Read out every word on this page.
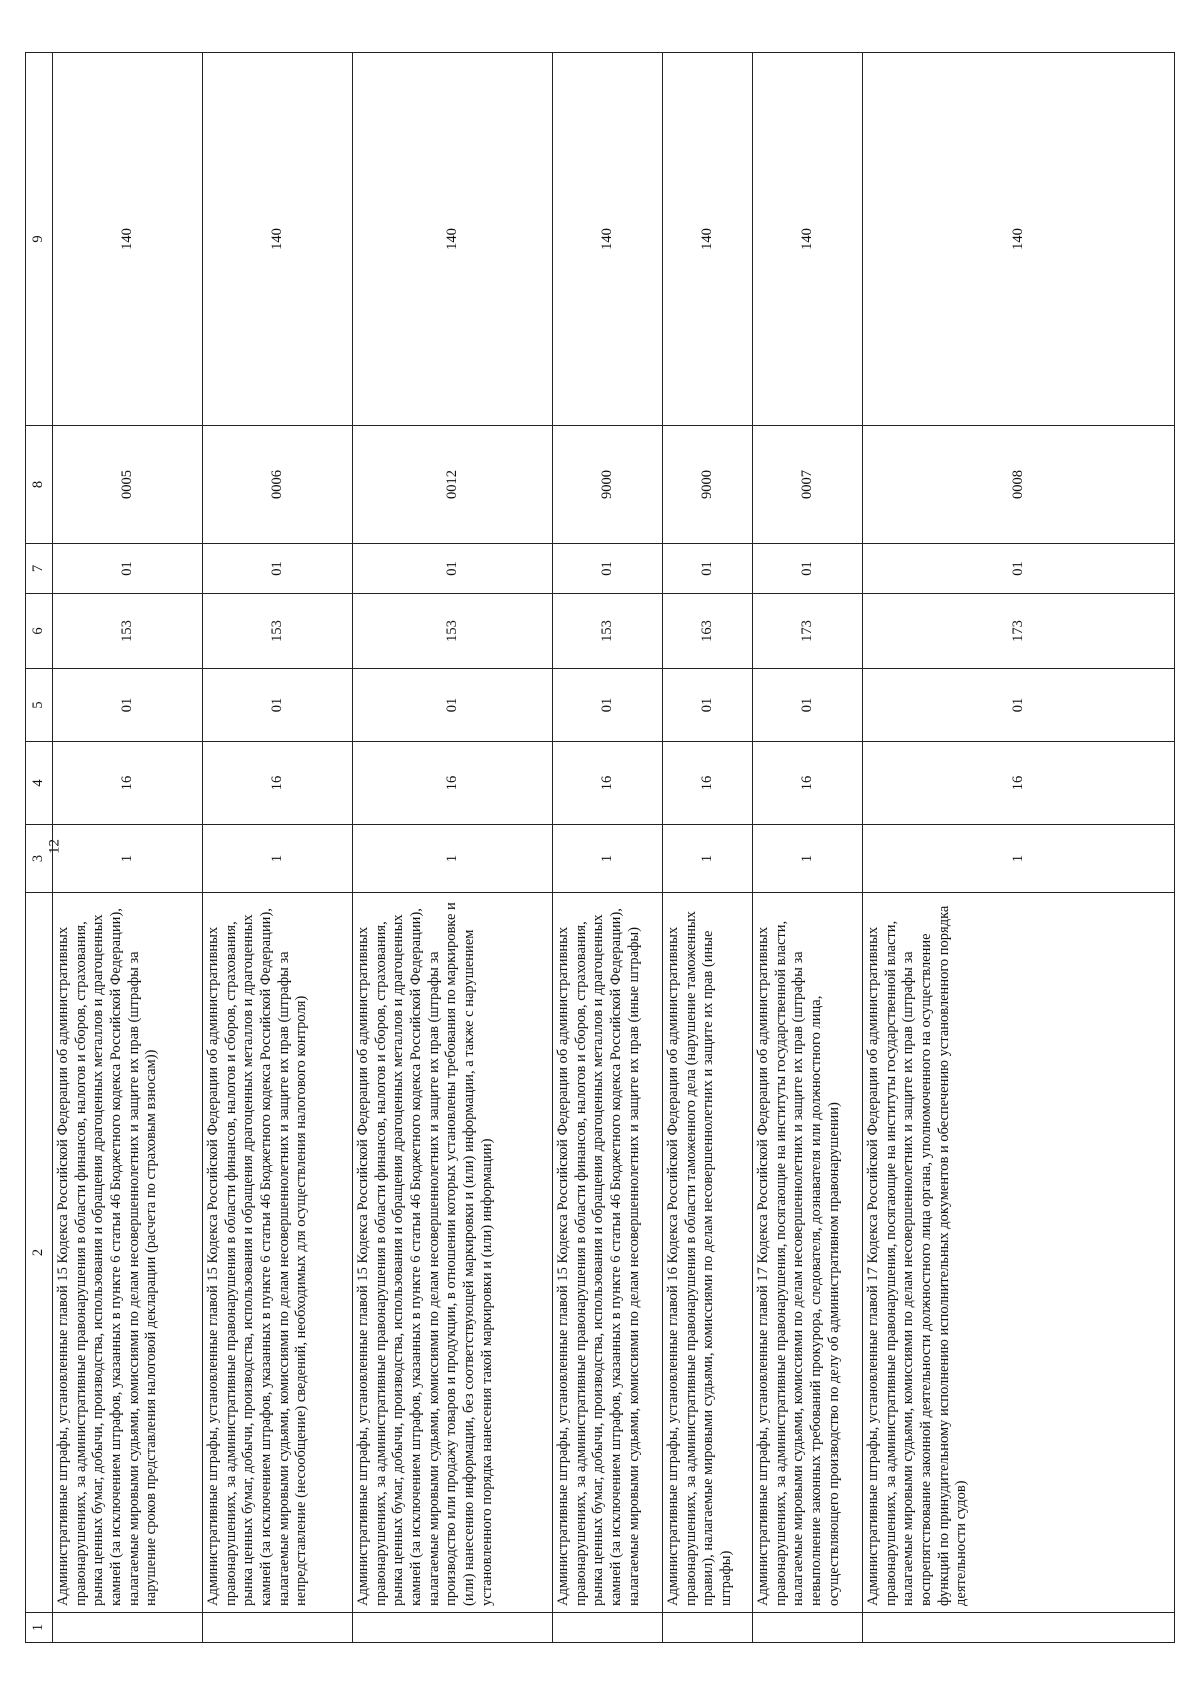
12
1	2	3	4	5	6	7	8	9
	Административные штрафы, установленные главой 15 Кодекса Российской Федерации об административных правонарушениях, за административные правонарушения в области финансов, налогов и сборов, страхования, рынка ценных бумаг, добычи, производства, использования и обращения драгоценных металлов и драгоценных камней (за исключением штрафов, указанных в пункте 6 статьи 46 Бюджетного кодекса Российской Федерации), налагаемые мировыми судьями, комиссиями по делам несовершеннолетних и защите их прав (штрафы за нарушение сроков представления налоговой декларации (расчета по страховым взносам))	1	16	01	153	01	0005	140
	Административные штрафы, установленные главой 15 Кодекса Российской Федерации об административных правонарушениях, за административные правонарушения в области финансов, налогов и сборов, страхования, рынка ценных бумаг, добычи, производства, использования и обращения драгоценных металлов и драгоценных камней (за исключением штрафов, указанных в пункте 6 статьи 46 Бюджетного кодекса Российской Федерации), налагаемые мировыми судьями, комиссиями по делам несовершеннолетних и защите их прав (штрафы за непредставление (несообщение) сведений, необходимых для осуществления налогового контроля)	1	16	01	153	01	0006	140
	Административные штрафы, установленные главой 15 Кодекса Российской Федерации об административных правонарушениях, за административные правонарушения в области финансов, налогов и сборов, страхования, рынка ценных бумаг, добычи, производства, использования и обращения драгоценных металлов и драгоценных камней (за исключением штрафов, указанных в пункте 6 статьи 46 Бюджетного кодекса Российской Федерации), налагаемые мировыми судьями, комиссиями по делам несовершеннолетних и защите их прав (штрафы за производство или продажу товаров и продукции, в отношении которых установлены требования по маркировке и (или) нанесению информации, без соответствующей маркировки и (или) информации, а также с нарушением установленного порядка нанесения такой маркировки и (или) информации)	1	16	01	153	01	0012	140
	Административные штрафы, установленные главой 15 Кодекса Российской Федерации об административных правонарушениях, за административные правонарушения в области финансов, налогов и сборов, страхования, рынка ценных бумаг, добычи, производства, использования и обращения драгоценных металлов и драгоценных камней (за исключением штрафов, указанных в пункте 6 статьи 46 Бюджетного кодекса Российской Федерации), налагаемые мировыми судьями, комиссиями по делам несовершеннолетних и защите их прав (иные штрафы)	1	16	01	153	01	9000	140
	Административные штрафы, установленные главой 16 Кодекса Российской Федерации об административных правонарушениях, за административные правонарушения в области таможенного дела (нарушение таможенных правил), налагаемые мировыми судьями, комиссиями по делам несовершеннолетних и защите их прав (иные штрафы)	1	16	01	163	01	9000	140
	Административные штрафы, установленные главой 17 Кодекса Российской Федерации об административных правонарушениях, за административные правонарушения, посягающие на институты государственной власти, налагаемые мировыми судьями, комиссиями по делам несовершеннолетних и защите их прав (штрафы за невыполнение законных требований прокурора, следователя, дознавателя или должностного лица, осуществляющего производство по делу об административном правонарушении)	1	16	01	173	01	0007	140
	Административные штрафы, установленные главой 17 Кодекса Российской Федерации об административных правонарушениях, за административные правонарушения, посягающие на институты государственной власти, налагаемые мировыми судьями, комиссиями по делам несовершеннолетних и защите их прав (штрафы за воспрепятствование законной деятельности должностного лица органа, уполномоченного на осуществление функций по принудительному исполнению исполнительных документов и обеспечению установленного порядка деятельности судов)	1	16	01	173	01	0008	140
